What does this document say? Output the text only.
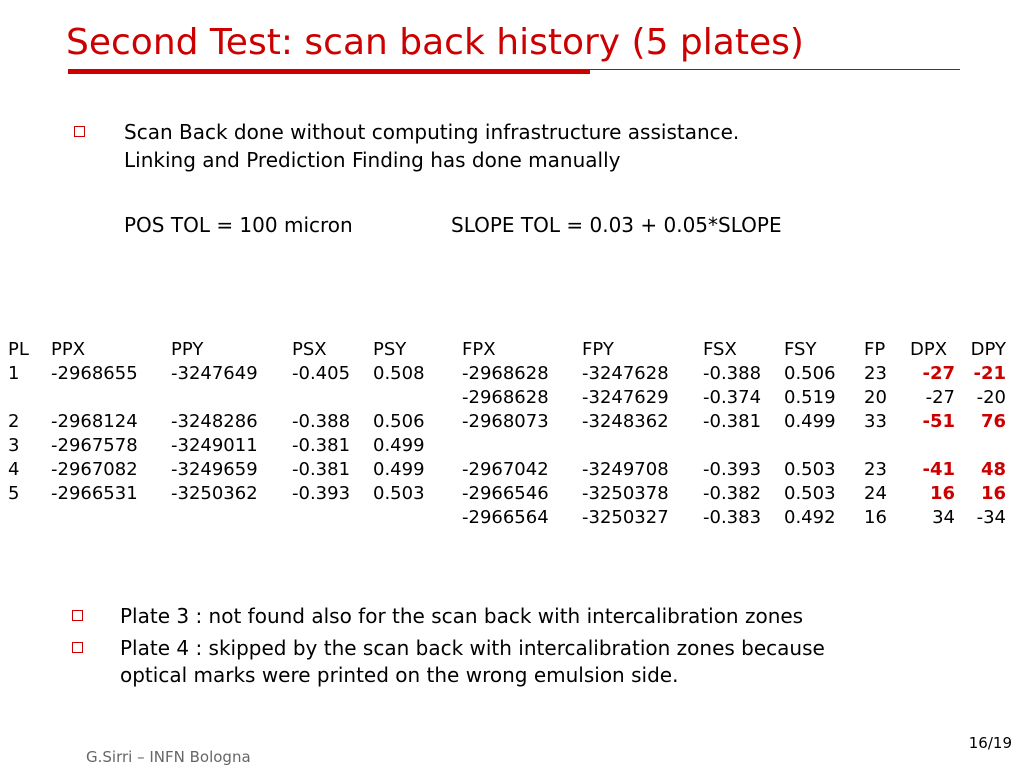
Second Test: scan back history (5 plates)
Scan Back done without computing infrastructure assistance.
Linking and Prediction Finding has done manually
POS TOL = 100 micron	SLOPE TOL = 0.03 + 0.05*SLOPE
PL	PPX	PPY	PSX	PSY	FPX	FPY	FSX	FSY	FP	DPX	DPY
1	-2968655	-3247649	-0.405	0.508	-2968628	-3247628	-0.388	0.506	23	-27	-21
					-2968628	-3247629	-0.374	0.519	20	-27	-20
2	-2968124	-3248286	-0.388	0.506	-2968073	-3248362	-0.381	0.499	33	-51	76
3	-2967578	-3249011	-0.381	0.499							
4	-2967082	-3249659	-0.381	0.499	-2967042	-3249708	-0.393	0.503	23	-41	48
5	-2966531	-3250362	-0.393	0.503	-2966546	-3250378	-0.382	0.503	24	16	16
					-2966564	-3250327	-0.383	0.492	16	34	-34
Plate 3 : not found also for the scan back with intercalibration zones
Plate 4 : skipped by the scan back with intercalibration zones because
optical marks were printed on the wrong emulsion side.
G.Sirri – INFN Bologna
16/19
